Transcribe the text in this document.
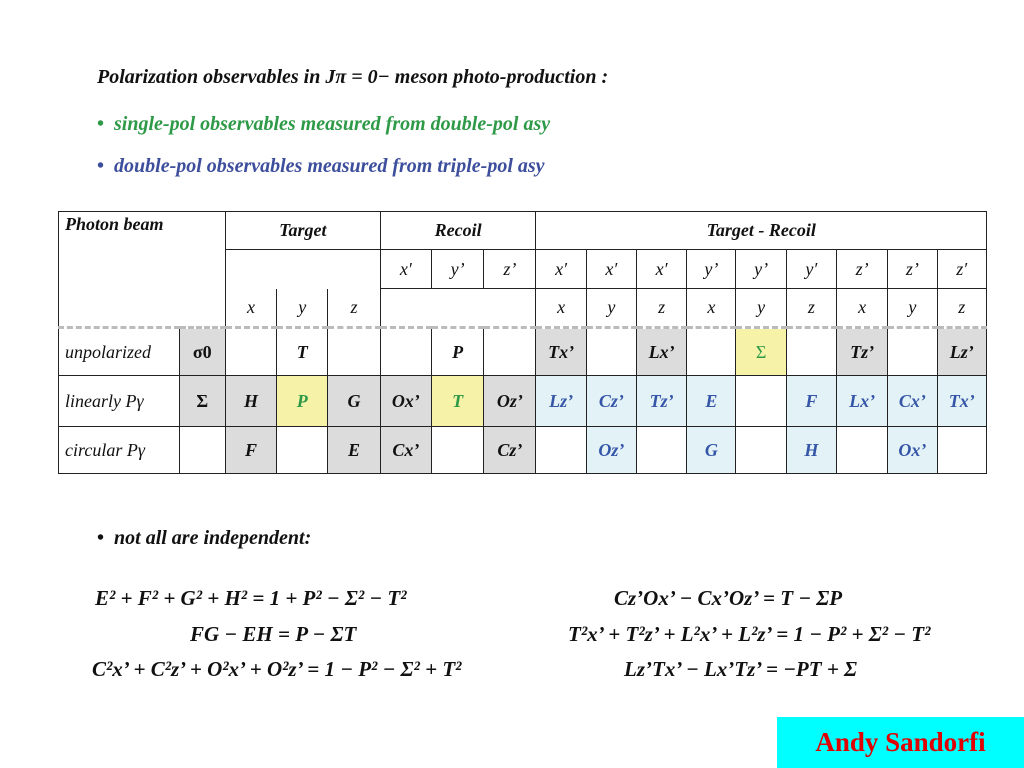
Polarization observables in Jπ = 0− meson photo-production :
• single-pol observables measured from double-pol asy
• double-pol observables measured from triple-pol asy
Photon beam		Target			Recoil			Target - Recoil								
					x′	y’	z’	x′	x′	x′	y’	y’	y′	z’	z’	z′
		x	y	z				x	y	z	x	y	z	x	y	z
unpolarized	σ0		T			P		Tx’		Lx’		Σ		Tz’		Lz’
linearly Pγ	Σ	H	P	G	Ox’	T	Oz’	Lz’	Cz’	Tz’	E		F	Lx’	Cx’	Tx’
circular Pγ		F		E	Cx’		Cz’		Oz’		G		H		Ox’	
• not all are independent:
E² + F² + G² + H² = 1 + P² − Σ² − T²
FG − EH = P − ΣT
C²x’ + C²z’ + O²x’ + O²z’ = 1 − P² − Σ² + T²
Cz’Ox’ − Cx’Oz’ = T − ΣP
T²x’ + T²z’ + L²x’ + L²z’ = 1 − P² + Σ² − T²
Lz’Tx’ − Lx’Tz’ = −PT + Σ
Andy Sandorfi
